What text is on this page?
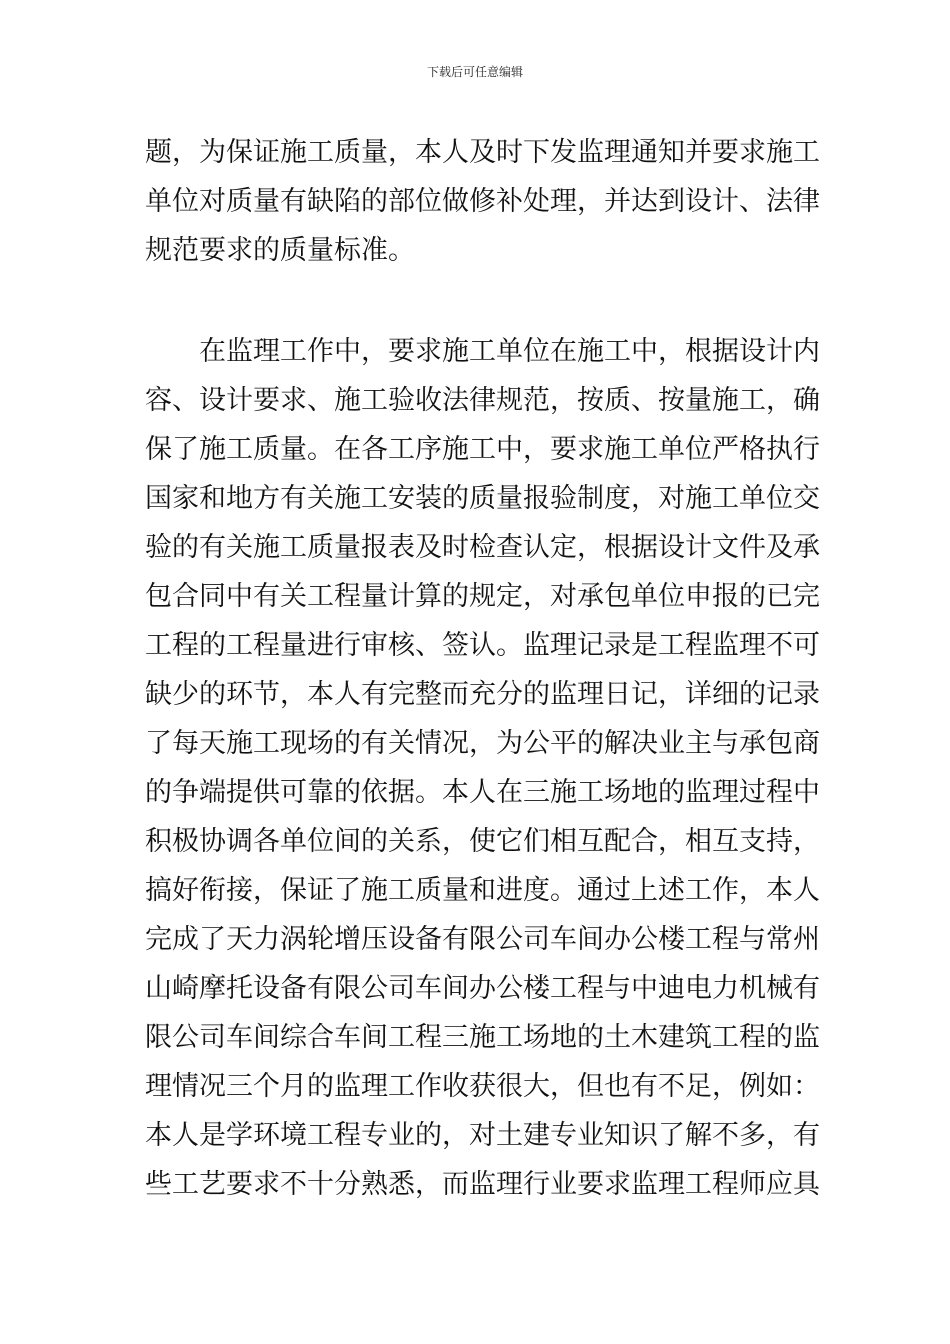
下载后可任意编辑
题，为保证施工质量，本人及时下发监理通知并要求施工
单位对质量有缺陷的部位做修补处理，并达到设计、法律
规范要求的质量标准。
在监理工作中，要求施工单位在施工中，根据设计内
容、设计要求、施工验收法律规范，按质、按量施工，确
保了施工质量。在各工序施工中，要求施工单位严格执行
国家和地方有关施工安装的质量报验制度，对施工单位交
验的有关施工质量报表及时检查认定，根据设计文件及承
包合同中有关工程量计算的规定，对承包单位申报的已完
工程的工程量进行审核、签认。监理记录是工程监理不可
缺少的环节，本人有完整而充分的监理日记，详细的记录
了每天施工现场的有关情况，为公平的解决业主与承包商
的争端提供可靠的依据。本人在三施工场地的监理过程中
积极协调各单位间的关系，使它们相互配合，相互支持，
搞好衔接，保证了施工质量和进度。通过上述工作，本人
完成了天力涡轮增压设备有限公司车间办公楼工程与常州
山崎摩托设备有限公司车间办公楼工程与中迪电力机械有
限公司车间综合车间工程三施工场地的土木建筑工程的监
理情况三个月的监理工作收获很大，但也有不足，例如：
本人是学环境工程专业的，对土建专业知识了解不多，有
些工艺要求不十分熟悉，而监理行业要求监理工程师应具
